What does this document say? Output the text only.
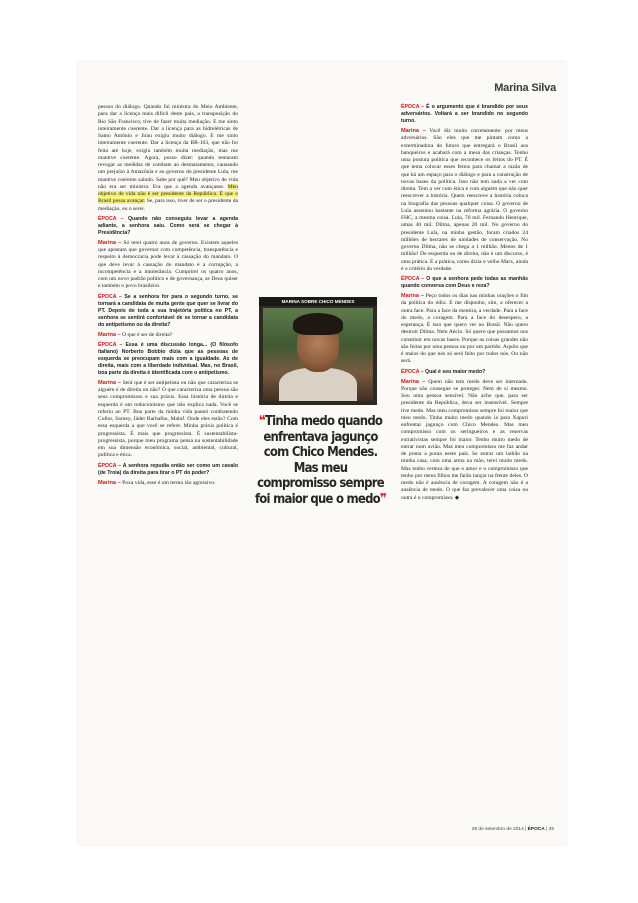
Marina Silva

pessoa do diálogo. Quando fui ministra do Meio Ambiente, para dar a licença mais difícil deste país, a transposição do Rio São Francisco, tive de fazer muita mediação. E me sinto inteiramente coerente. Dar a licença para as hidrelétricas de Santo Antônio e Jirau exigiu muito diálogo. E me sinto inteiramente coerente. Dar a licença da BR-163, que não foi feita até hoje, exigiu também muita mediação, mas me mantive coerente. Agora, posso dizer: quando tentaram revogar as medidas de combate ao desmatamento, causando um prejuízo à Amazônia e ao governo do presidente Lula, me mantive coerente saindo. Sabe por quê? Meu objetivo de vida não era ser ministra. Era que a agenda avançasse. Meu objetivo de vida não é ser presidente da República. É que o Brasil possa avançar. Se, para isso, tiver de ser o presidente da mediação, eu o serei.

ÉPOCA – Quando não conseguiu levar a agenda adiante, a senhora saiu. Como será se chegar à Presidência?

Marina – Só terei quatro anos de governo. Existem aqueles que apostam que governar com competência, transparência e respeito à democracia pode levar à cassação do mandato. O que deve levar à cassação do mandato é a corrupção, a incompetência e a intolerância. Cumprirei os quatro anos, com um novo padrão político e de governança, se Deus quiser e também o povo brasileiro.

ÉPOCA – Se a senhora for para o segundo turno, se tornará a candidata de muita gente que quer se livrar do PT. Depois de toda a sua trajetória política no PT, a senhora se sentirá confortável de se tornar a candidata do antipetismo ou da direita?

Marina – O que é ser de direita?

ÉPOCA – Essa é uma discussão longa... (O filósofo italiano) Norberto Bobbio dizia que as pessoas de esquerda se preocupam mais com a igualdade. As de direita, mais com a liberdade individual. Mas, no Brasil, boa parte da direita é identificada com o antipetismo.

Marina – Será que é ser antipetista ou não que caracteriza se alguém é de direita ou não? O que caracteriza uma pessoa são seus compromissos e sua práxis. Essa história de direita e esquerda é um reducionismo que não explica nada. Você se referiu ao PT. Boa parte da minha vida passei combatendo Collor, Sarney, Jáder Barbalho, Maluf. Onde eles estão? Com essa esquerda a que você se refere. Minha práxis política é progressista. É mais que progressista. É sustentabilista-progressista, porque meu programa pensa na sustentabilidade em sua dimensão econômica, social, ambiental, cultural, política e ética.

ÉPOCA – A senhora repudia então ser como um cavalo (de Troia) da direita para tirar o PT do poder?

Marina – Poxa vida, esse é um termo tão agressivo.

ÉPOCA – É o argumento que é brandido por seus adversários. Voltará a ser brandido no segundo turno.

Marina – Você diz muito corretamente: por meus adversários. São eles que me pintam como a exterminadora do futuro que entregará o Brasil aos banqueiros e acabará com a mesa das crianças. Tenho uma postura política que reconhece os feitos do PT. É que tenta colocar esses feitos para chamar a razão de que há um espaço para o diálogo e para a construção de novas bases da política. Isso não tem nada a ver com direita. Tem a ver com ética e com alguém que não quer reescrever a história. Quem reescreve a história coloca na biografia das pessoas qualquer coisa. O governo de Lula assentou bastante na reforma agrária. O governo FHC, a mesma coisa. Lula, 70 mil. Fernando Henrique, umas 40 mil. Dilma, apenas 20 mil. No governo do presidente Lula, na minha gestão, foram criados 24 milhões de hectares de unidades de conservação. No governo Dilma, não se chega a 1 milhão. Menos de 1 milhão! De esquerda ou de direita, não é um discurso, é uma prática. E a prática, como dizia o velho Marx, ainda é o critério da verdade.

ÉPOCA – O que a senhora pede todas as manhãs quando conversa com Deus e reza?

Marina – Peço todos os dias nas minhas orações o fim da política do ódio. E me disponho, sim, a oferecer a outra face. Para a face da mentira, a verdade. Para a face do medo, a coragem. Para a face do desespero, a esperança. É isso que quero ver no Brasil. Não quero destruir Dilma. Nem Aécio. Só quero que possamos nos constituir em novas bases. Porque as coisas grandes não são feitas por uma pessoa ou por um partido. Aquilo que é maior do que nós só será feito por todos nós. Ou não será.

ÉPOCA – Qual é seu maior medo?

Marina – Quem não tem medo deve ser internado. Porque não consegue se proteger. Nem de si mesmo. Sou uma pessoa sensível. Não acho que, para ser presidente da República, deva ser insensível. Sempre tive medo. Mas meu compromisso sempre foi maior que meu medo. Tinha muito medo quando ia para Xapuri enfrentar jagunço com Chico Mendes. Mas meu compromisso com os seringueiros e as reservas extrativistas sempre foi maior. Tenho muito medo de entrar num avião. Mas meu compromisso me faz andar de ponta a ponta neste país. Se entrar um ladrão na minha casa, com uma arma na mão, terei muito medo. Mas tenho certeza de que o amor e o compromisso que tenho por meus filhos me farão lançar na frente deles. O medo não é ausência de coragem. A coragem não é a ausência de medo. O que faz prevalecer uma coisa ou outra é o compromisso. ◆

MARINA SOBRE CHICO MENDES
❝Tinha medo quando enfrentava jagunço com Chico Mendes. Mas meu compromisso sempre foi maior que o medo❞
29 de setembro de 2014 | ÉPOCA | 35
